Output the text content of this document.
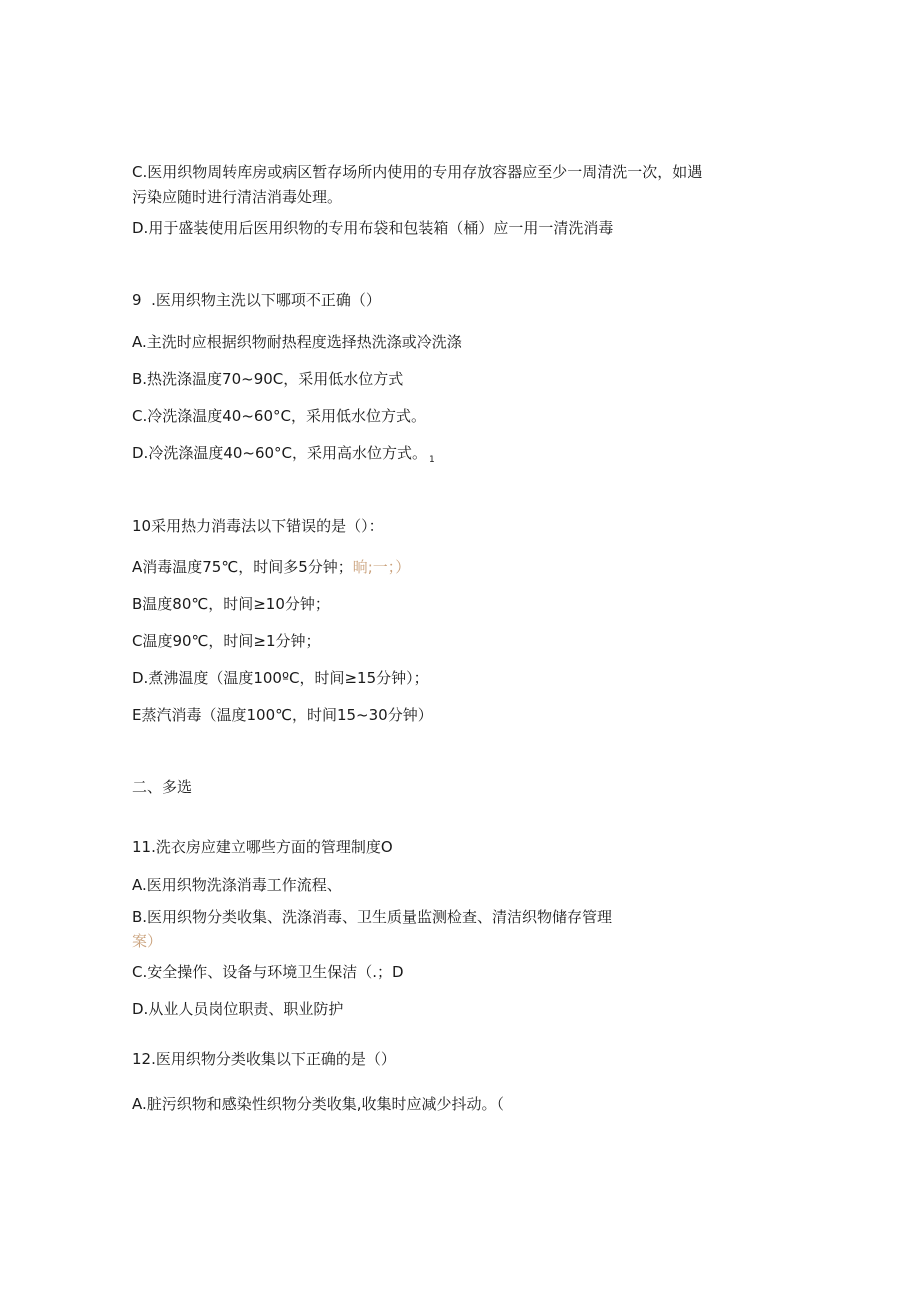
C.医用织物周转库房或病区暂存场所内使用的专用存放容器应至少一周清洗一次，如遇
污染应随时进行清洁消毒处理。
D.用于盛装使用后医用织物的专用布袋和包装箱（桶）应一用一清洗消毒
9  .医用织物主洗以下哪项不正确（）
A.主洗时应根据织物耐热程度选择热洗涤或冷洗涤
B.热洗涤温度70~90C，采用低水位方式
C.冷洗涤温度40~60°C，采用低水位方式。
D.冷洗涤温度40~60°C，采用高水位方式。 $_1$
10采用热力消毒法以下错误的是（）：
A消毒温度75℃，时间多5分钟；晌;一；）
B温度80℃，时间≥10分钟；
C温度90℃，时间≥1分钟；
D.煮沸温度（温度100ºC，时间≥15分钟）；
E蒸汽消毒（温度100℃，时间15~30分钟）
二、多选
11.洗衣房应建立哪些方面的管理制度O
A.医用织物洗涤消毒工作流程、
B.医用织物分类收集、洗涤消毒、卫生质量监测检查、清洁织物储存管理
案）
C.安全操作、设备与环境卫生保洁（.；D
D.从业人员岗位职责、职业防护
12.医用织物分类收集以下正确的是（）
A.脏污织物和感染性织物分类收集,收集时应减少抖动。（
